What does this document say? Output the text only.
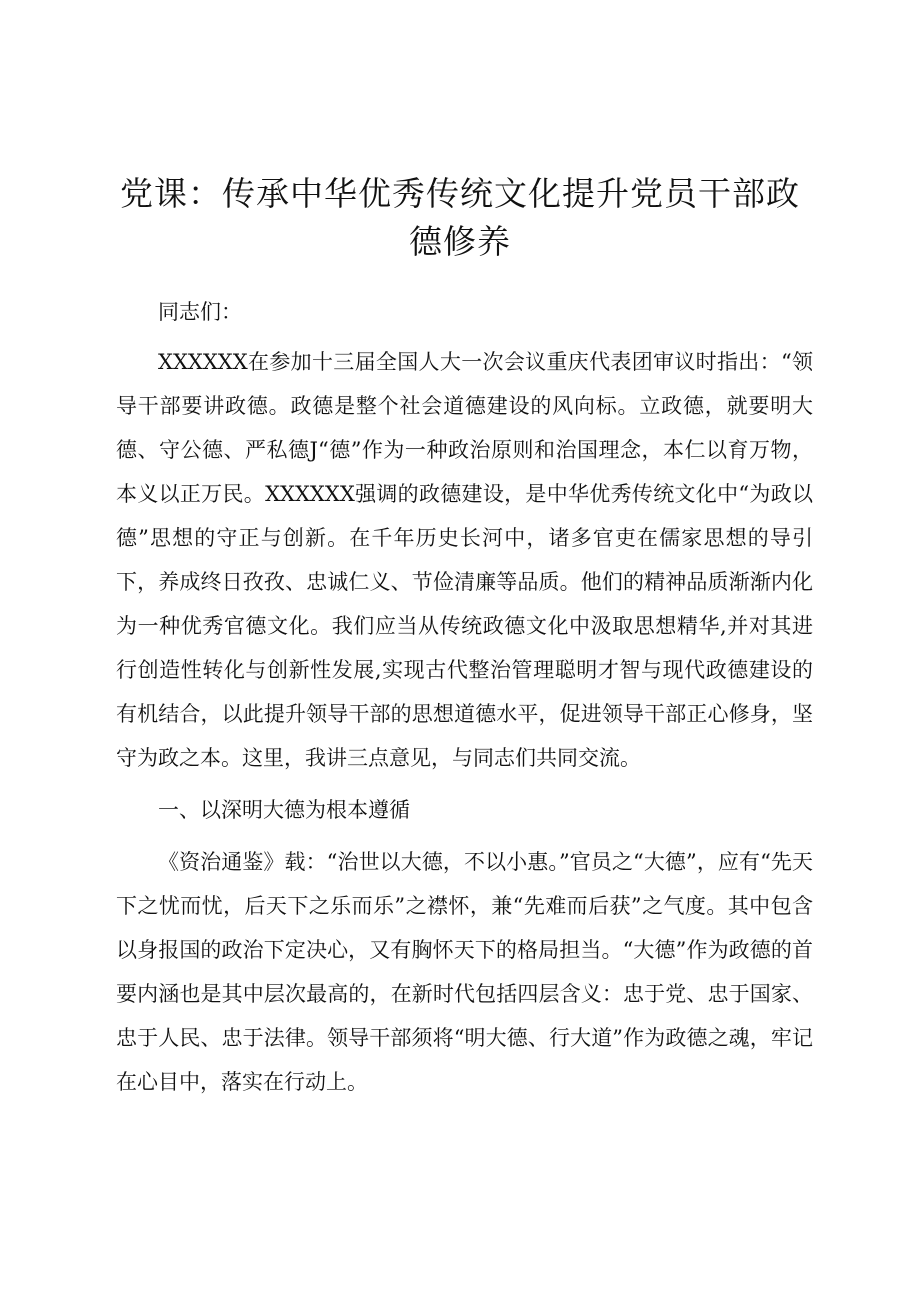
党课：传承中华优秀传统文化提升党员干部政德修养

同志们：

XXXXXX在参加十三届全国人大一次会议重庆代表团审议时指出：“领导干部要讲政德。政德是整个社会道德建设的风向标。立政德，就要明大德、守公德、严私德J“德”作为一种政治原则和治国理念，本仁以育万物，本义以正万民。XXXXXX强调的政德建设，是中华优秀传统文化中“为政以德”思想的守正与创新。在千年历史长河中，诸多官吏在儒家思想的导引下，养成终日孜孜、忠诚仁义、节俭清廉等品质。他们的精神品质渐渐内化为一种优秀官德文化。我们应当从传统政德文化中汲取思想精华,并对其进行创造性转化与创新性发展,实现古代整治管理聪明才智与现代政德建设的有机结合，以此提升领导干部的思想道德水平，促进领导干部正心修身，坚守为政之本。这里，我讲三点意见，与同志们共同交流。

一、以深明大德为根本遵循

《资治通鉴》载：“治世以大德，不以小惠。”官员之“大德”，应有“先天下之忧而忧，后天下之乐而乐”之襟怀，兼“先难而后获”之气度。其中包含以身报国的政治下定决心，又有胸怀天下的格局担当。“大德”作为政德的首要内涵也是其中层次最高的，在新时代包括四层含义：忠于党、忠于国家、忠于人民、忠于法律。领导干部须将“明大德、行大道”作为政德之魂，牢记在心目中，落实在行动上。
